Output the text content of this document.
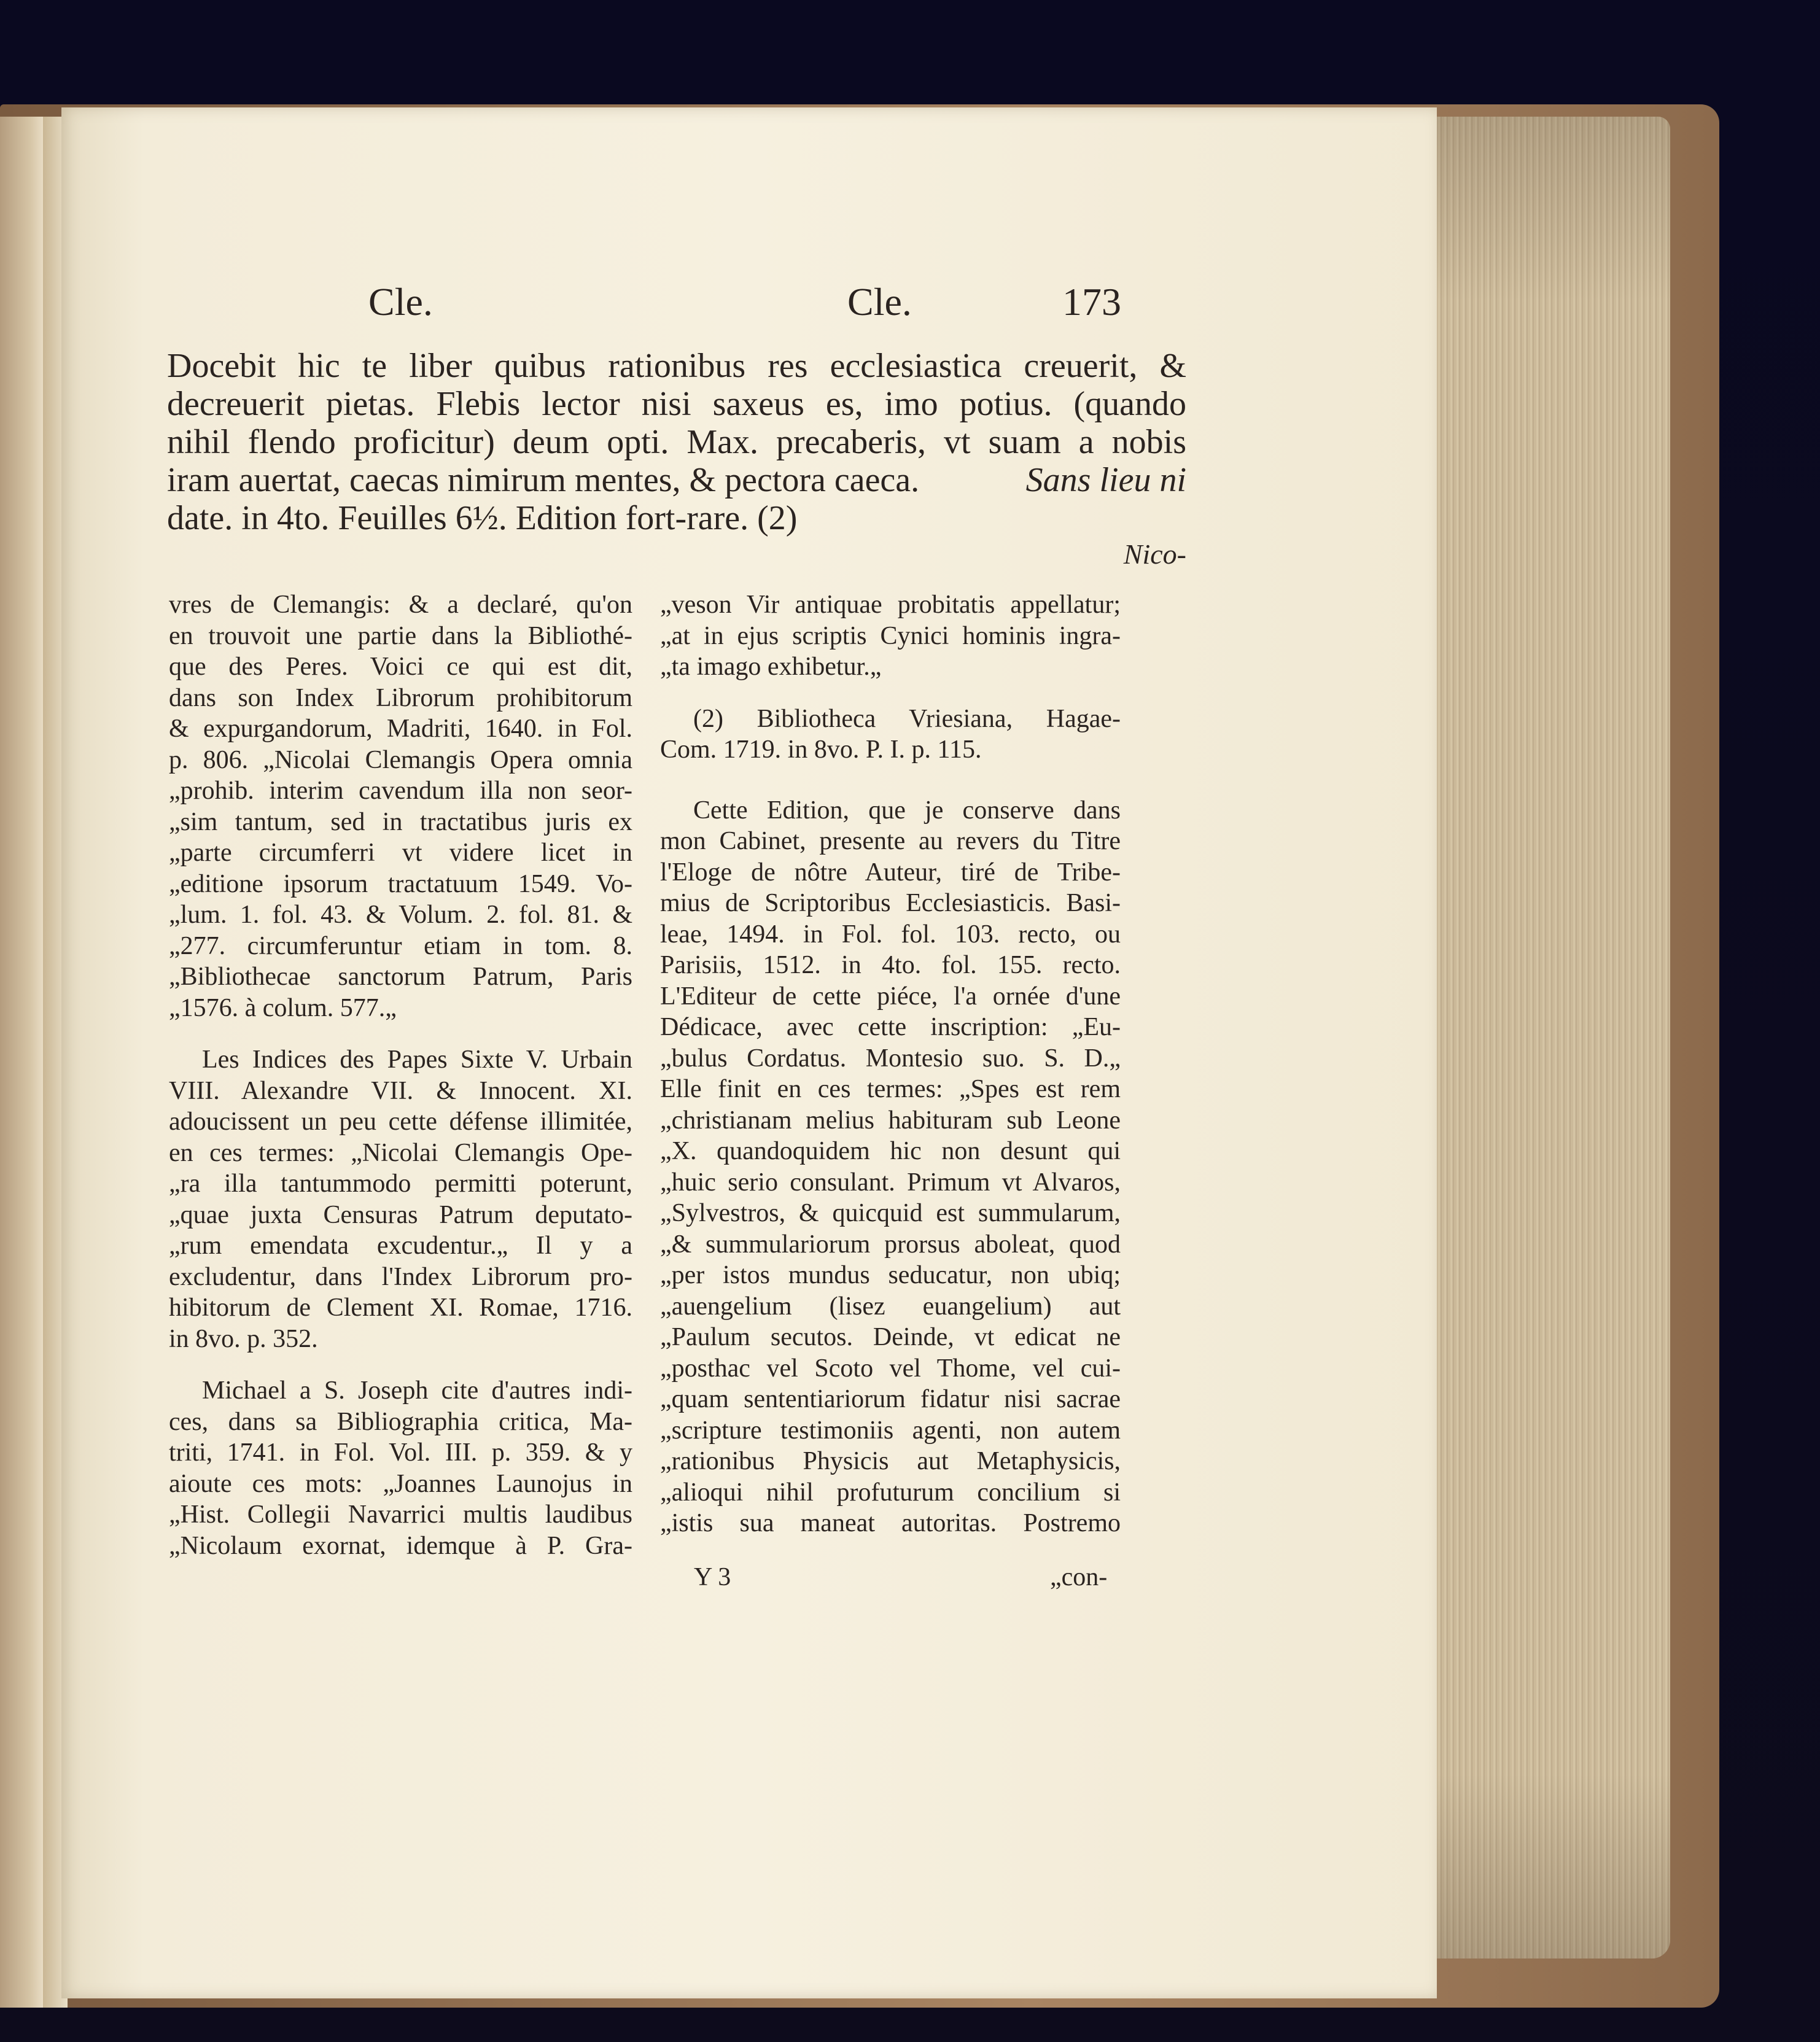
Cle.	Cle.	173
Docebit hic te liber quibus rationibus res ecclesiastica creuerit, &
decreuerit pietas. Flebis lector nisi saxeus es, imo potius. (quando
nihil flendo proficitur) deum opti. Max. precaberis, vt suam a nobis
iram auertat, caecas nimirum mentes, & pectora caeca.	Sans lieu ni
date. in 4to. Feuilles 6½. Edition fort-rare. (2)
Nico-

vres de Clemangis: & a declaré, qu'on

en trouvoit une partie dans la Bibliothé-

que des Peres. Voici ce qui est dit,

dans son Index Librorum prohibitorum

& expurgandorum, Madriti, 1640. in Fol.

p. 806. „Nicolai Clemangis Opera omnia

„prohib. interim cavendum illa non seor-

„sim tantum, sed in tractatibus juris ex

„parte circumferri vt videre licet in

„editione ipsorum tractatuum 1549. Vo-

„lum. 1. fol. 43. & Volum. 2. fol. 81. &

„277. circumferuntur etiam in tom. 8.

„Bibliothecae sanctorum Patrum, Paris

„1576. à colum. 577.„

Les Indices des Papes Sixte V. Urbain

VIII. Alexandre VII. & Innocent. XI.

adoucissent un peu cette défense illimitée,

en ces termes: „Nicolai Clemangis Ope-

„ra illa tantummodo permitti poterunt,

„quae juxta Censuras Patrum deputato-

„rum emendata excudentur.„ Il y a

excludentur, dans l'Index Librorum pro-

hibitorum de Clement XI. Romae, 1716.

in 8vo. p. 352.

Michael a S. Joseph cite d'autres indi-

ces, dans sa Bibliographia critica, Ma-

triti, 1741. in Fol. Vol. III. p. 359. & y

aioute ces mots: „Joannes Launojus in

„Hist. Collegii Navarrici multis laudibus

„Nicolaum exornat, idemque à P. Gra-

Y 3

„veson Vir antiquae probitatis appellatur;

„at in ejus scriptis Cynici hominis ingra-

„ta imago exhibetur.„

(2) Bibliotheca Vriesiana, Hagae-

Com. 1719. in 8vo. P. I. p. 115.

Cette Edition, que je conserve dans

mon Cabinet, presente au revers du Titre

l'Eloge de nôtre Auteur, tiré de Tribe-

mius de Scriptoribus Ecclesiasticis. Basi-

leae, 1494. in Fol. fol. 103. recto, ou

Parisiis, 1512. in 4to. fol. 155. recto.

L'Editeur de cette piéce, l'a ornée d'une

Dédicace, avec cette inscription: „Eu-

„bulus Cordatus. Montesio suo. S. D.„

Elle finit en ces termes: „Spes est rem

„christianam melius habituram sub Leone

„X. quandoquidem hic non desunt qui

„huic serio consulant. Primum vt Alvaros,

„Sylvestros, & quicquid est summularum,

„& summulariorum prorsus aboleat, quod

„per istos mundus seducatur, non ubiq;

„auengelium (lisez euangelium) aut

„Paulum secutos. Deinde, vt edicat ne

„posthac vel Scoto vel Thome, vel cui-

„quam sententiariorum fidatur nisi sacrae

„scripture testimoniis agenti, non autem

„rationibus Physicis aut Metaphysicis,

„alioqui nihil profuturum concilium si

„istis sua maneat autoritas. Postremo

„con-
